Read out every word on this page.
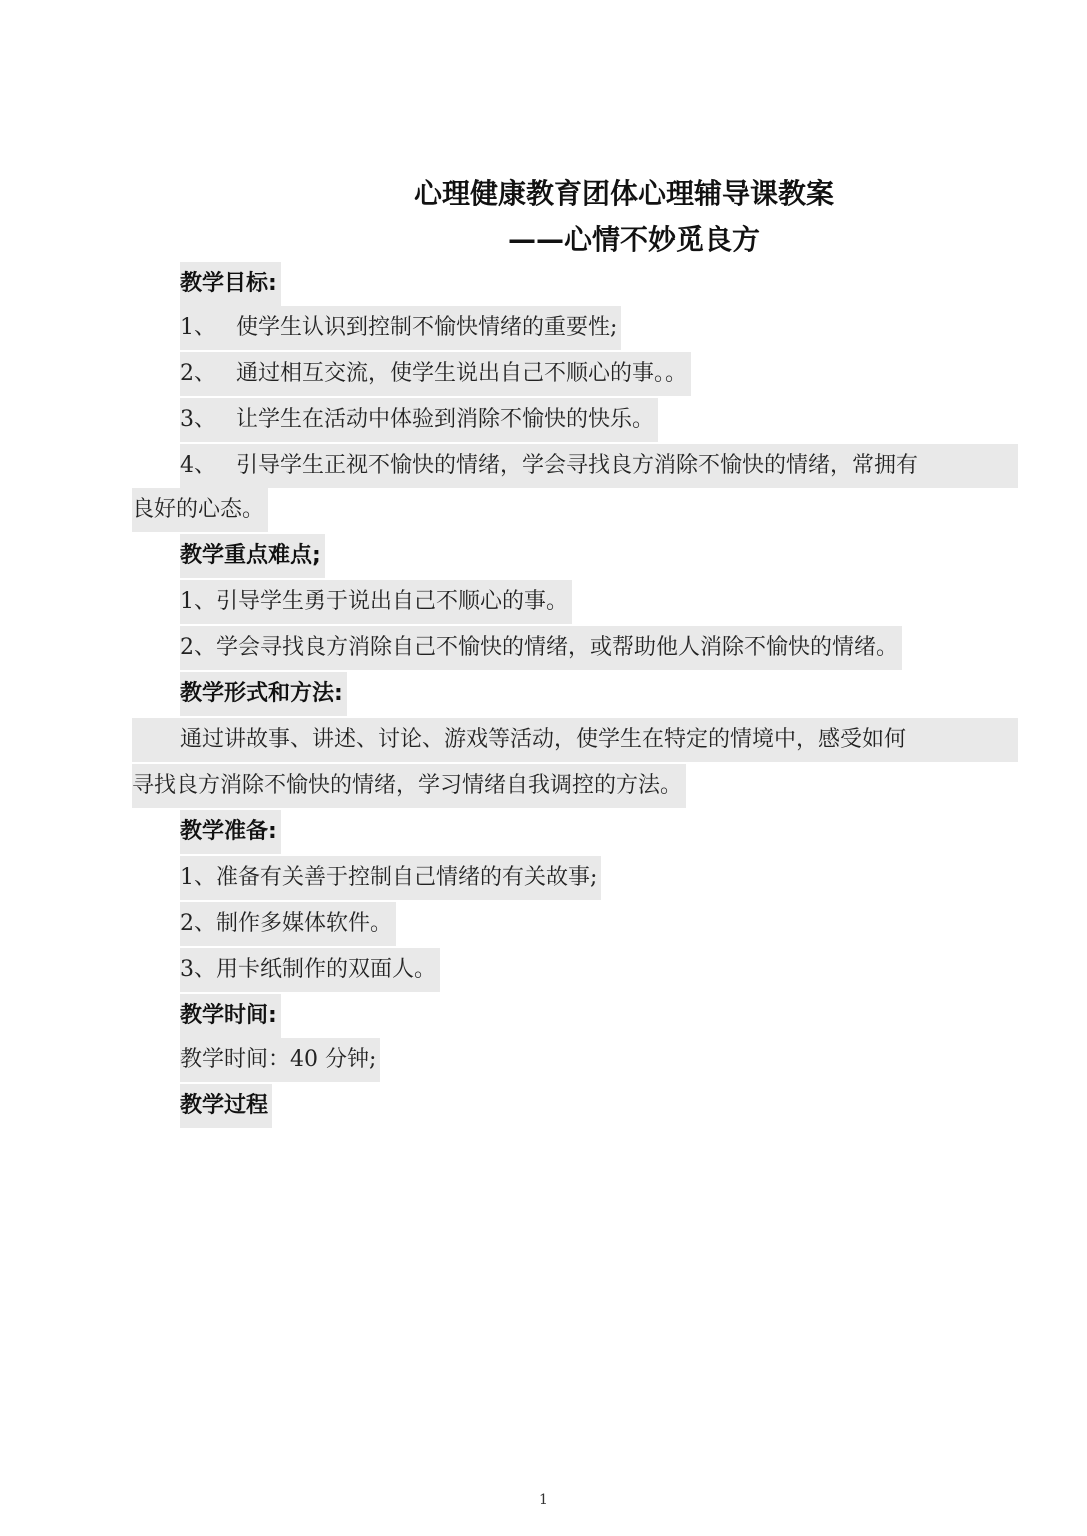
心理健康教育团体心理辅导课教案
——心情不妙觅良方
教学目标:
1、 使学生认识到控制不愉快情绪的重要性;
2、 通过相互交流，使学生说出自己不顺心的事。。
3、 让学生在活动中体验到消除不愉快的快乐。
4、 引导学生正视不愉快的情绪，学会寻找良方消除不愉快的情绪，常拥有
良好的心态。
教学重点难点;
1、引导学生勇于说出自己不顺心的事。
2、学会寻找良方消除自己不愉快的情绪，或帮助他人消除不愉快的情绪。
教学形式和方法:
通过讲故事、讲述、讨论、游戏等活动，使学生在特定的情境中，感受如何
寻找良方消除不愉快的情绪，学习情绪自我调控的方法。
教学准备:
1、准备有关善于控制自己情绪的有关故事;
2、制作多媒体软件。
3、用卡纸制作的双面人。
教学时间:
教学时间：40 分钟;
教学过程
1
